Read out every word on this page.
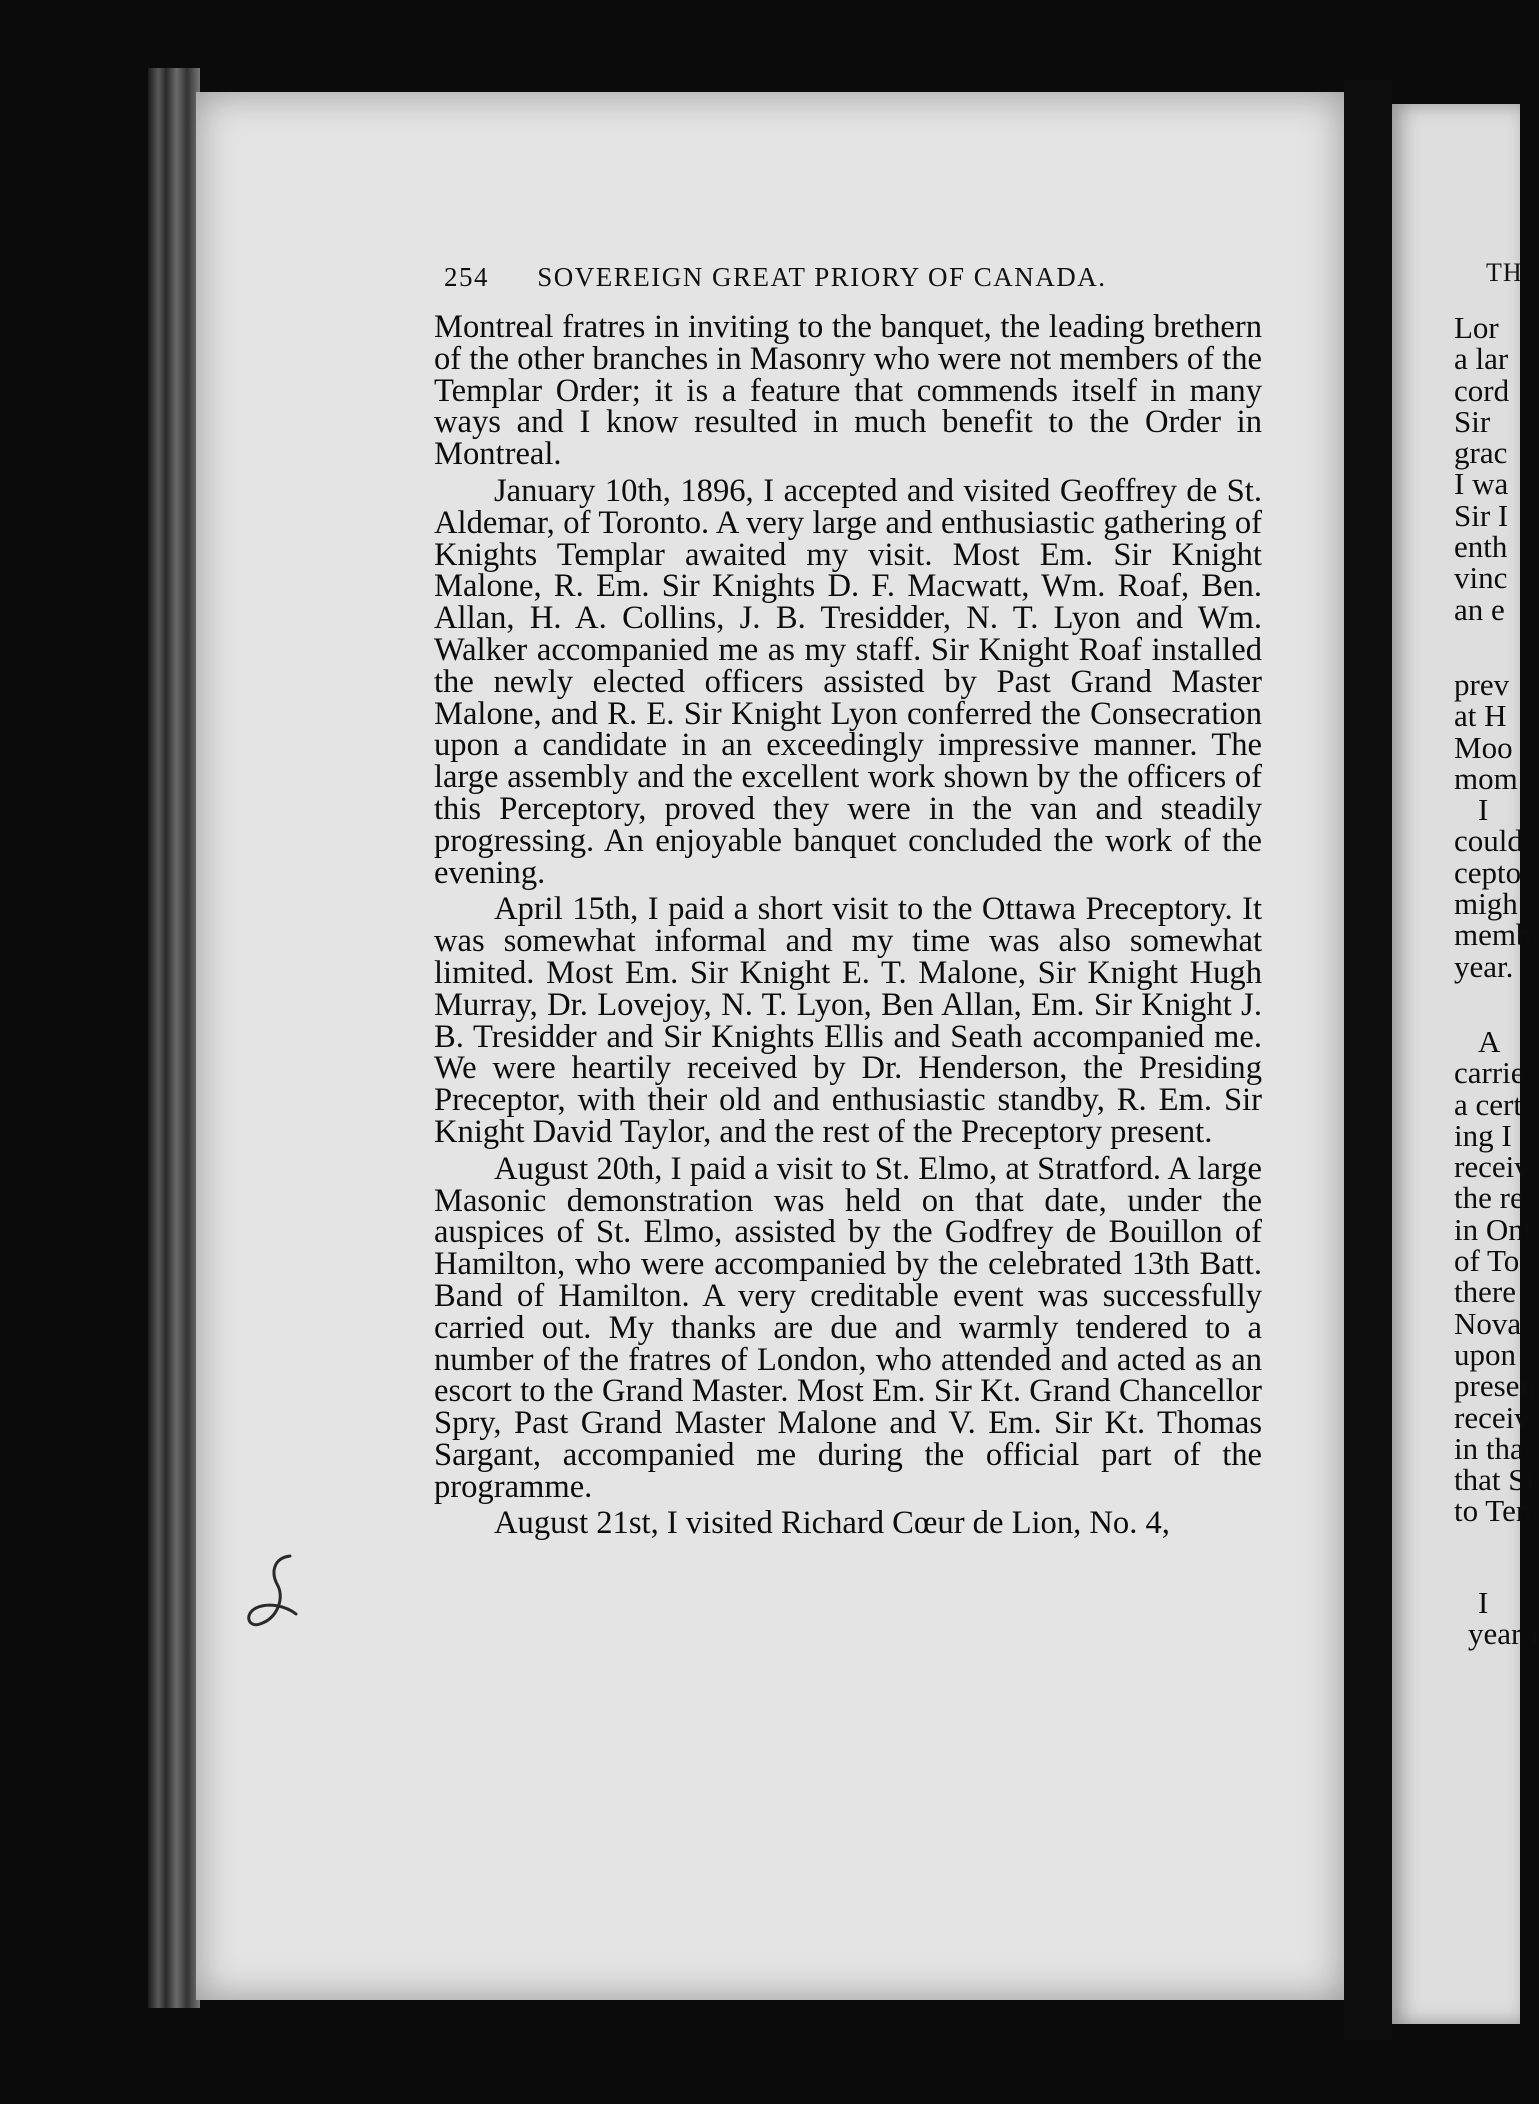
254 SOVEREIGN GREAT PRIORY OF CANADA.

Montreal fratres in inviting to the banquet, the leading brethern of the other branches in Masonry who were not members of the Templar Order; it is a feature that commends itself in many ways and I know resulted in much benefit to the Order in Montreal.

January 10th, 1896, I accepted and visited Geoffrey de St. Aldemar, of Toronto. A very large and enthusiastic gathering of Knights Templar awaited my visit. Most Em. Sir Knight Malone, R. Em. Sir Knights D. F. Macwatt, Wm. Roaf, Ben. Allan, H. A. Collins, J. B. Tresidder, N. T. Lyon and Wm. Walker accompanied me as my staff. Sir Knight Roaf installed the newly elected officers assisted by Past Grand Master Malone, and R. E. Sir Knight Lyon conferred the Consecration upon a candidate in an exceedingly impressive manner. The large assembly and the excellent work shown by the officers of this Perceptory, proved they were in the van and steadily progressing. An enjoyable banquet concluded the work of the evening.

April 15th, I paid a short visit to the Ottawa Preceptory. It was somewhat informal and my time was also somewhat limited. Most Em. Sir Knight E. T. Malone, Sir Knight Hugh Murray, Dr. Lovejoy, N. T. Lyon, Ben Allan, Em. Sir Knight J. B. Tresidder and Sir Knights Ellis and Seath accompanied me. We were heartily received by Dr. Henderson, the Presiding Preceptor, with their old and enthusiastic standby, R. Em. Sir Knight David Taylor, and the rest of the Preceptory present.

August 20th, I paid a visit to St. Elmo, at Stratford. A large Masonic demonstration was held on that date, under the auspices of St. Elmo, assisted by the Godfrey de Bouillon of Hamilton, who were accompanied by the celebrated 13th Batt. Band of Hamilton. A very creditable event was successfully carried out. My thanks are due and warmly tendered to a number of the fratres of London, who attended and acted as an escort to the Grand Master. Most Em. Sir Kt. Grand Chancellor Spry, Past Grand Master Malone and V. Em. Sir Kt. Thomas Sargant, accompanied me during the official part of the programme.

August 21st, I visited Richard Cœur de Lion, No. 4,

TH
Lor
a lar
cord
Sir
grac
I wa
Sir I
enth
vinc
an e
prev
at H
Moo
mom
I
could
cepto
migh
memb
year.
A
carrie
a cert
ing I
receiv
the re
in Ont
of To
there
Nova
upon
presen
receiv
in tha
that Si
to Ten
I
year I
